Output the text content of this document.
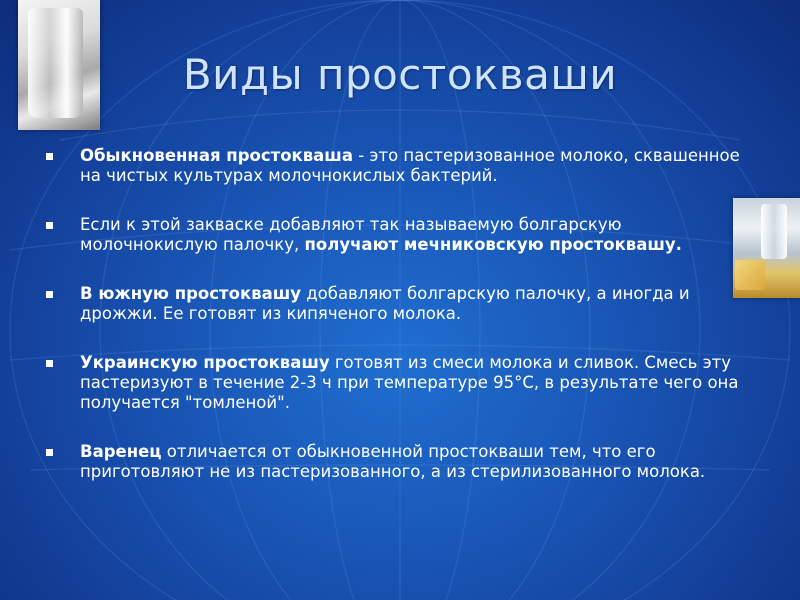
Виды простокваши
Обыкновенная простокваша - это пастеризованное молоко, сквашенное на чистых культурах молочнокислых бактерий.
Если к этой закваске добавляют так называемую болгарскую молочнокислую палочку, получают мечниковскую простоквашу.
В южную простоквашу добавляют болгарскую палочку, а иногда и дрожжи. Ее готовят из кипяченого молока.
Украинскую простоквашу готовят из смеси молока и сливок. Смесь эту пастеризуют в течение 2-3 ч при температуре 95°С, в результате чего она получается "томленой".
Варенец отличается от обыкновенной простокваши тем, что его приготовляют не из пастеризованного, а из стерилизованного молока.
